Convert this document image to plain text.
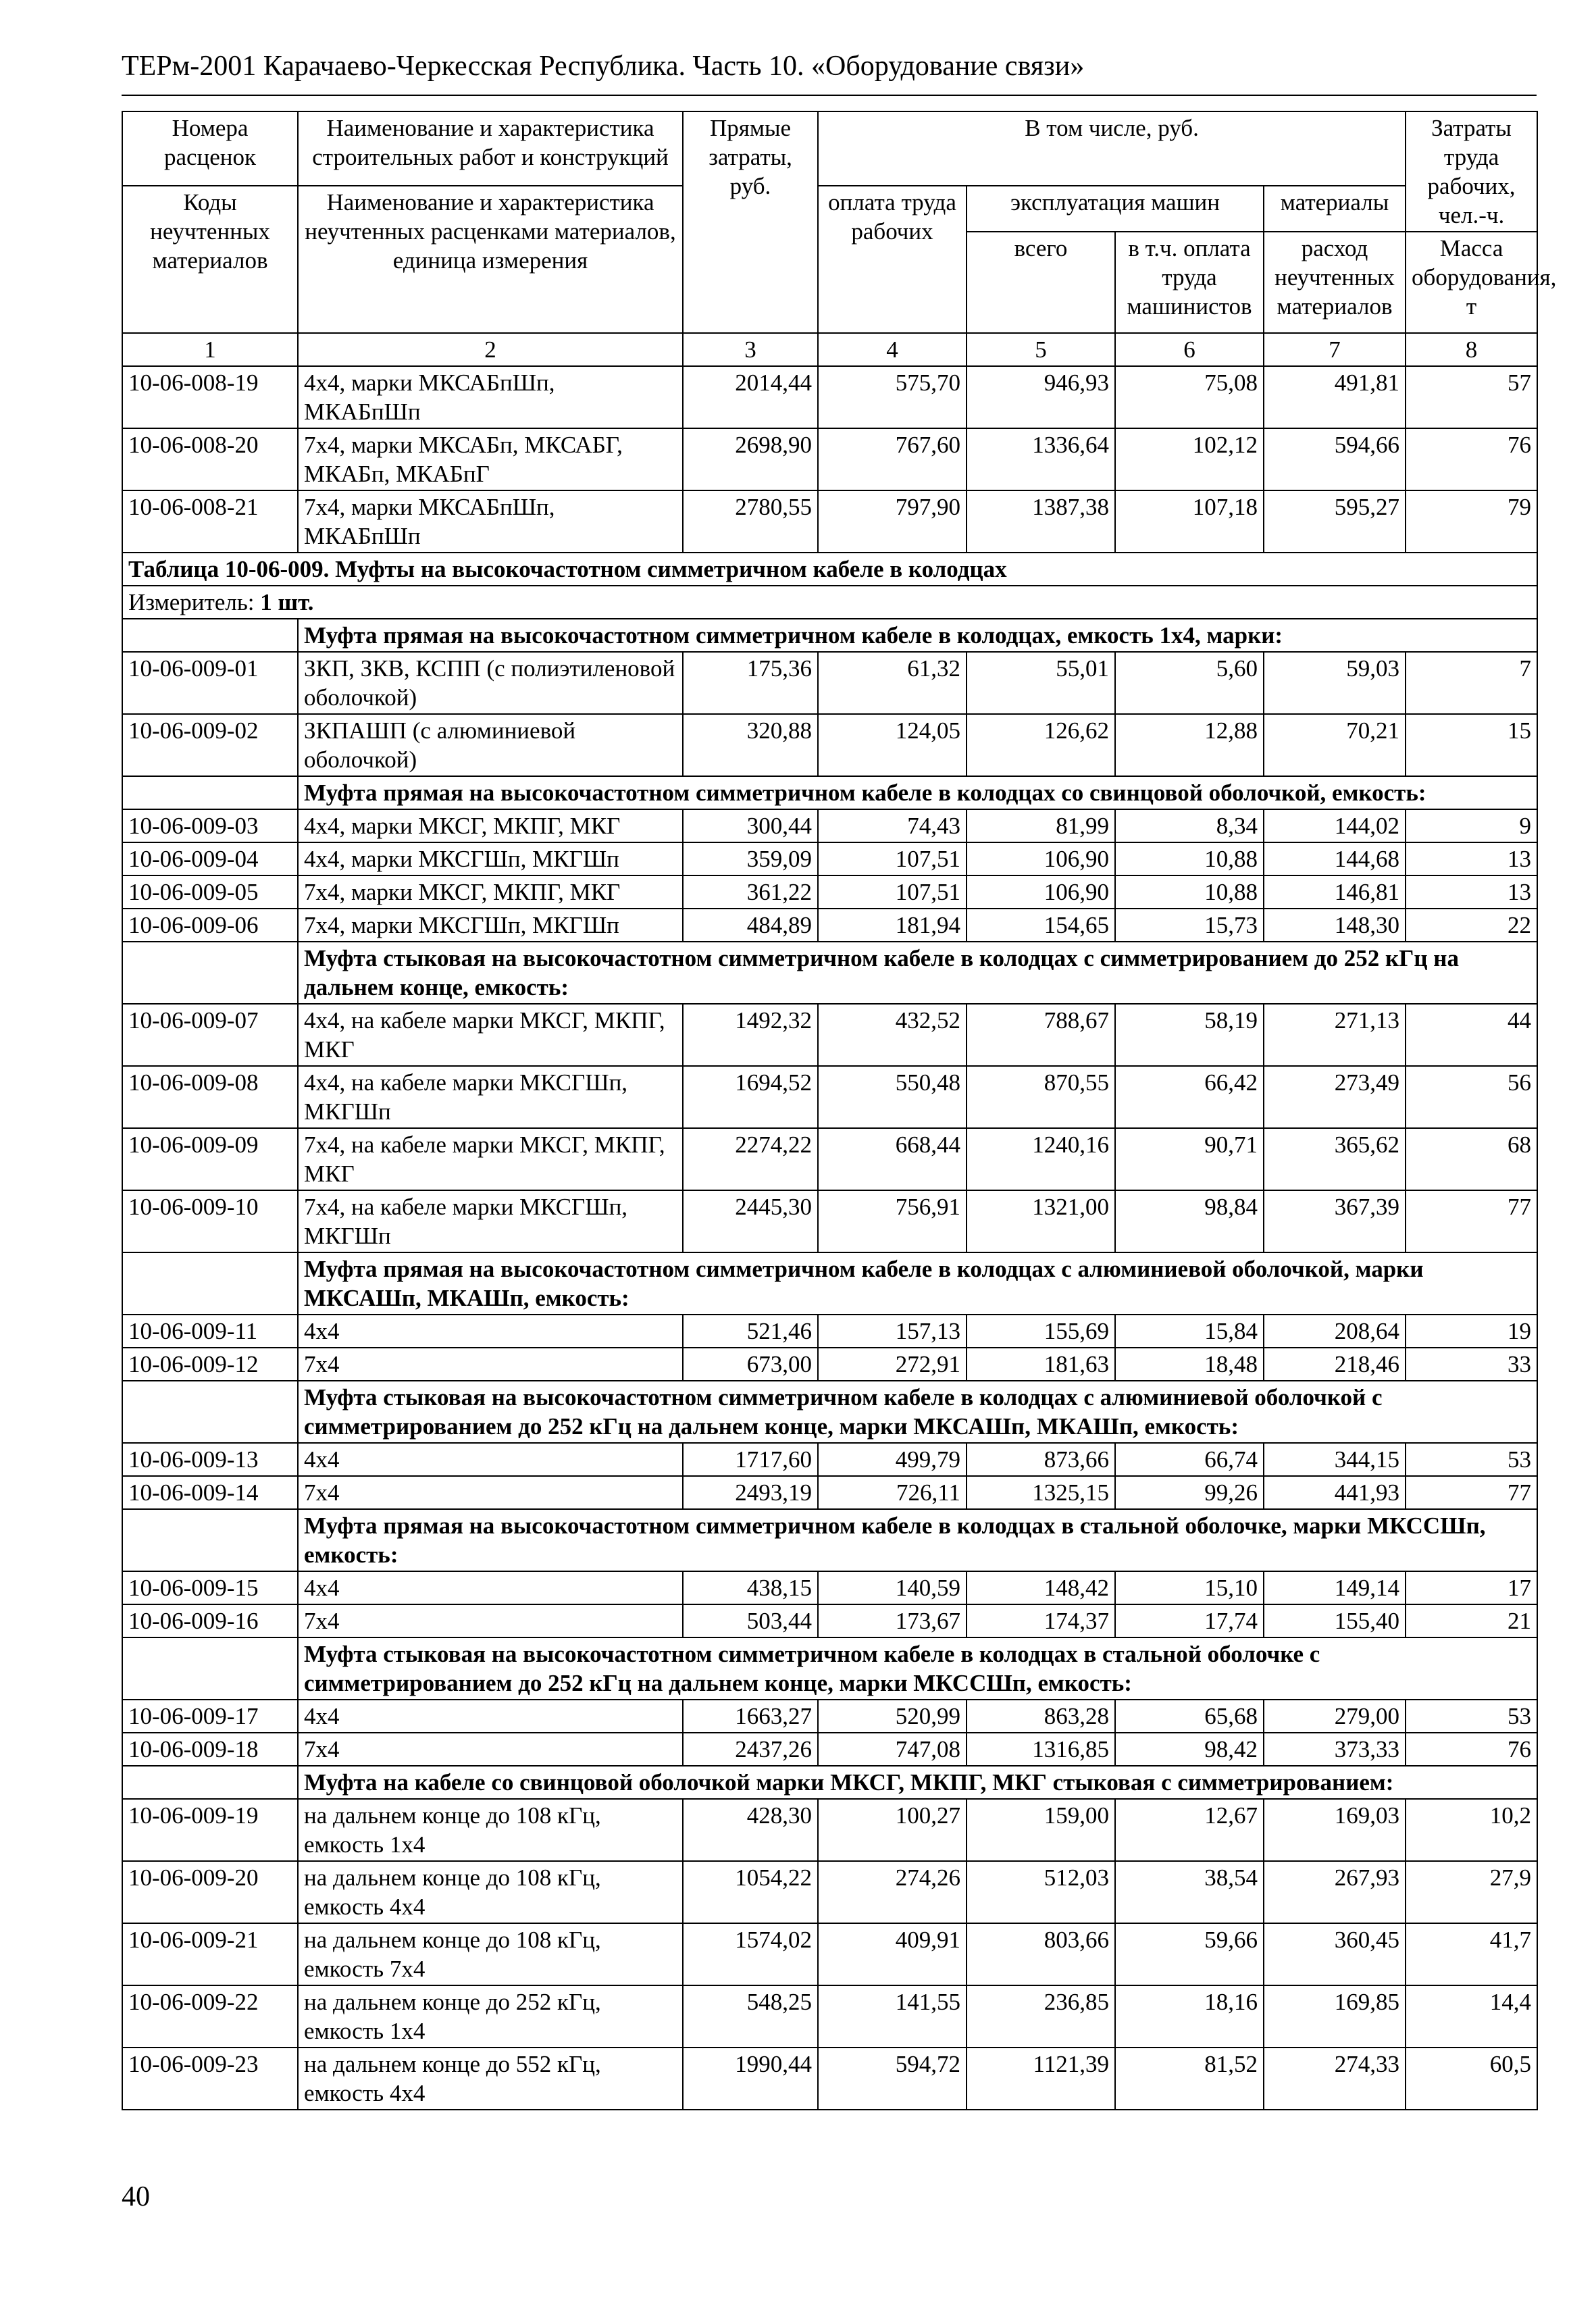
ТЕРм-2001 Карачаево-Черкесская Республика. Часть 10. «Оборудование связи»
Номера расценок	Наименование и характеристика строительных работ и конструкций	Прямые затраты, руб.	В том числе, руб.				Затраты труда рабочих, чел.-ч.
Коды неучтенных материалов	Наименование и характеристика неучтенных расценками материалов, единица измерения		оплата труда рабочих	эксплуатация машин		материалы	
				всего	в т.ч. оплата труда машинистов	расход неучтенных материалов	Масса оборудования, т
1	2	3	4	5	6	7	8
10-06-008-19	4х4, марки МКСАБпШп, МКАБпШп	2014,44	575,70	946,93	75,08	491,81	57
10-06-008-20	7х4, марки МКСАБп, МКСАБГ, МКАБп, МКАБпГ	2698,90	767,60	1336,64	102,12	594,66	76
10-06-008-21	7х4, марки МКСАБпШп, МКАБпШп	2780,55	797,90	1387,38	107,18	595,27	79
Таблица 10-06-009. Муфты на высокочастотном симметричном кабеле в колодцах							
Измеритель: 1 шт.							
	Муфта прямая на высокочастотном симметричном кабеле в колодцах, емкость 1х4, марки:						
10-06-009-01	ЗКП, ЗКВ, КСПП (с полиэтиленовой оболочкой)	175,36	61,32	55,01	5,60	59,03	7
10-06-009-02	ЗКПАШП (с алюминиевой оболочкой)	320,88	124,05	126,62	12,88	70,21	15
	Муфта прямая на высокочастотном симметричном кабеле в колодцах со свинцовой оболочкой, емкость:						
10-06-009-03	4х4, марки МКСГ, МКПГ, МКГ	300,44	74,43	81,99	8,34	144,02	9
10-06-009-04	4х4, марки МКСГШп, МКГШп	359,09	107,51	106,90	10,88	144,68	13
10-06-009-05	7х4, марки МКСГ, МКПГ, МКГ	361,22	107,51	106,90	10,88	146,81	13
10-06-009-06	7х4, марки МКСГШп, МКГШп	484,89	181,94	154,65	15,73	148,30	22
	Муфта стыковая на высокочастотном симметричном кабеле в колодцах с симметрированием до 252 кГц на дальнем конце, емкость:						
10-06-009-07	4х4, на кабеле марки МКСГ, МКПГ, МКГ	1492,32	432,52	788,67	58,19	271,13	44
10-06-009-08	4х4, на кабеле марки МКСГШп, МКГШп	1694,52	550,48	870,55	66,42	273,49	56
10-06-009-09	7х4, на кабеле марки МКСГ, МКПГ, МКГ	2274,22	668,44	1240,16	90,71	365,62	68
10-06-009-10	7х4, на кабеле марки МКСГШп, МКГШп	2445,30	756,91	1321,00	98,84	367,39	77
	Муфта прямая на высокочастотном симметричном кабеле в колодцах с алюминиевой оболочкой, марки МКСАШп, МКАШп, емкость:						
10-06-009-11	4х4	521,46	157,13	155,69	15,84	208,64	19
10-06-009-12	7х4	673,00	272,91	181,63	18,48	218,46	33
	Муфта стыковая на высокочастотном симметричном кабеле в колодцах с алюминиевой оболочкой с симметрированием до 252 кГц на дальнем конце, марки МКСАШп, МКАШп, емкость:						
10-06-009-13	4х4	1717,60	499,79	873,66	66,74	344,15	53
10-06-009-14	7х4	2493,19	726,11	1325,15	99,26	441,93	77
	Муфта прямая на высокочастотном симметричном кабеле в колодцах в стальной оболочке, марки МКССШп, емкость:						
10-06-009-15	4х4	438,15	140,59	148,42	15,10	149,14	17
10-06-009-16	7х4	503,44	173,67	174,37	17,74	155,40	21
	Муфта стыковая на высокочастотном симметричном кабеле в колодцах в стальной оболочке с симметрированием до 252 кГц на дальнем конце, марки МКССШп, емкость:						
10-06-009-17	4х4	1663,27	520,99	863,28	65,68	279,00	53
10-06-009-18	7х4	2437,26	747,08	1316,85	98,42	373,33	76
	Муфта на кабеле со свинцовой оболочкой марки МКСГ, МКПГ, МКГ стыковая с симметрированием:						
10-06-009-19	на дальнем конце до 108 кГц, емкость 1х4	428,30	100,27	159,00	12,67	169,03	10,2
10-06-009-20	на дальнем конце до 108 кГц, емкость 4х4	1054,22	274,26	512,03	38,54	267,93	27,9
10-06-009-21	на дальнем конце до 108 кГц, емкость 7х4	1574,02	409,91	803,66	59,66	360,45	41,7
10-06-009-22	на дальнем конце до 252 кГц, емкость 1х4	548,25	141,55	236,85	18,16	169,85	14,4
10-06-009-23	на дальнем конце до 552 кГц, емкость 4х4	1990,44	594,72	1121,39	81,52	274,33	60,5
40
